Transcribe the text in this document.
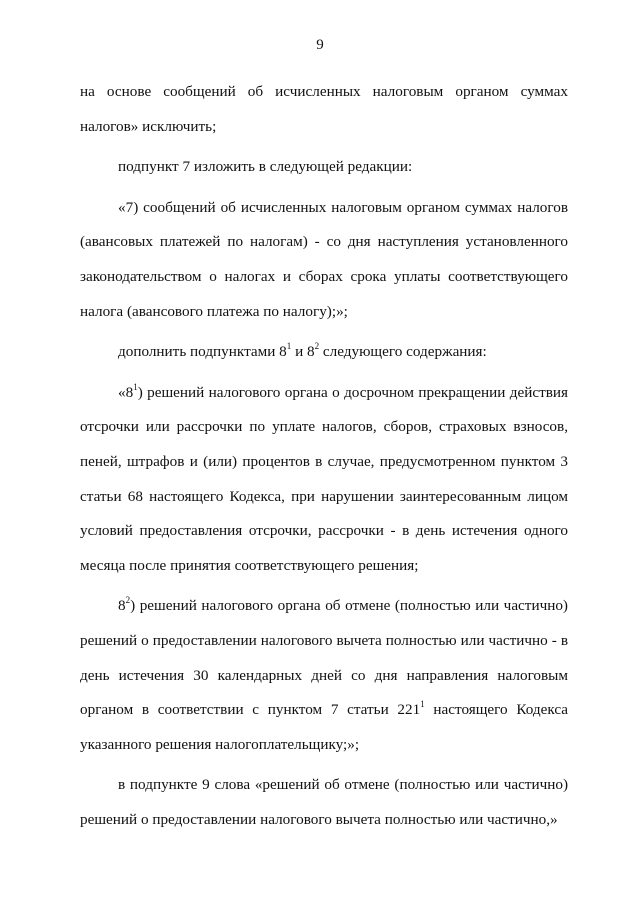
9

на основе сообщений об исчисленных налоговым органом суммах налогов» исключить;

подпункт 7 изложить в следующей редакции:

«7) сообщений об исчисленных налоговым органом суммах налогов (авансовых платежей по налогам) - со дня наступления установленного законодательством о налогах и сборах срока уплаты соответствующего налога (авансового платежа по налогу);»;

дополнить подпунктами $8^1$ и $8^2$ следующего содержания:

«$8^1$) решений налогового органа о досрочном прекращении действия отсрочки или рассрочки по уплате налогов, сборов, страховых взносов, пеней, штрафов и (или) процентов в случае, предусмотренном пунктом 3 статьи 68 настоящего Кодекса, при нарушении заинтересованным лицом условий предоставления отсрочки, рассрочки - в день истечения одного месяца после принятия соответствующего решения;

$8^2$) решений налогового органа об отмене (полностью или частично) решений о предоставлении налогового вычета полностью или частично - в день истечения 30 календарных дней со дня направления налоговым органом в соответствии с пунктом 7 статьи $221^1$ настоящего Кодекса указанного решения налогоплательщику;»;

в подпункте 9 слова «решений об отмене (полностью или частично) решений о предоставлении налогового вычета полностью или частично,»
